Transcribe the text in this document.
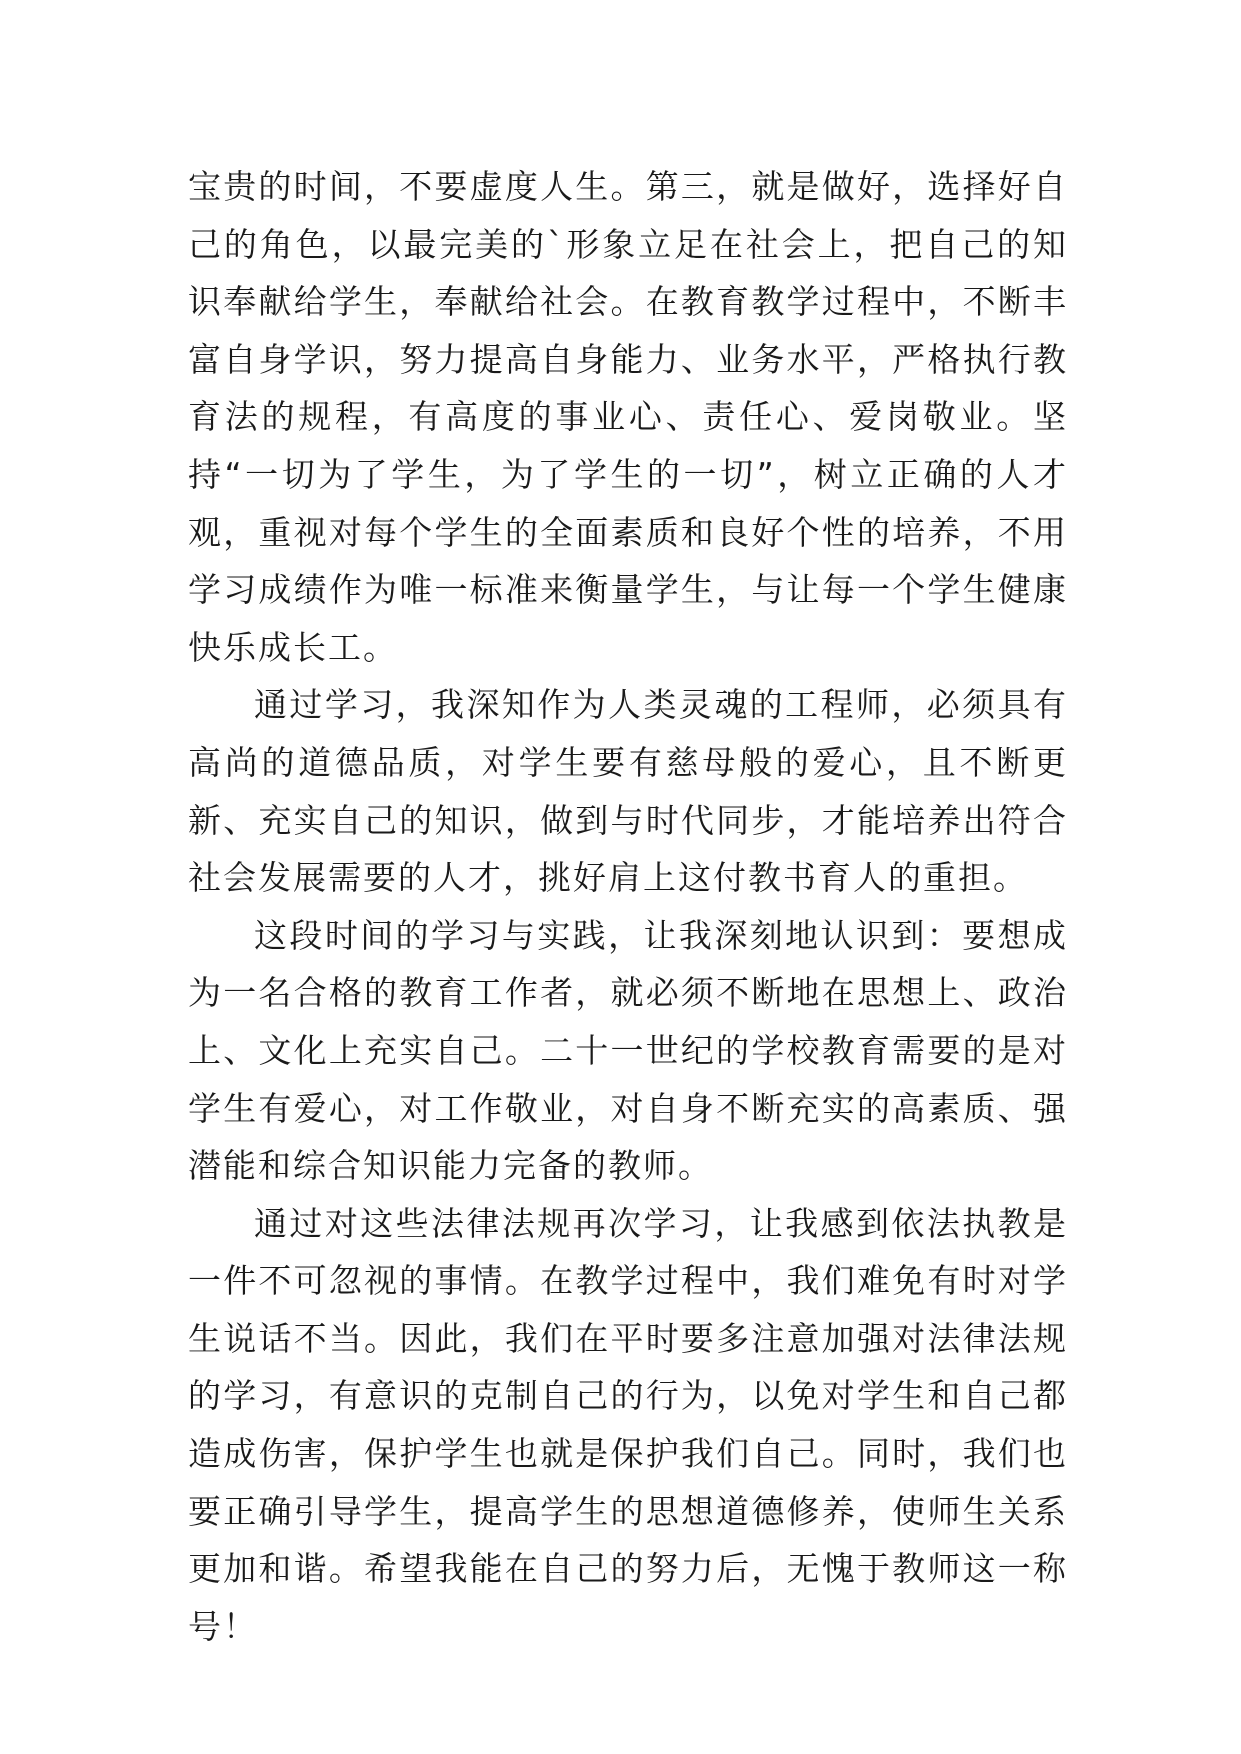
宝贵的时间，不要虚度人生。第三，就是做好，选择好自己的角色，以最完美的`形象立足在社会上，把自己的知识奉献给学生，奉献给社会。在教育教学过程中，不断丰富自身学识，努力提高自身能力、业务水平，严格执行教育法的规程，有高度的事业心、责任心、爱岗敬业。坚持“一切为了学生，为了学生的一切”，树立正确的人才观，重视对每个学生的全面素质和良好个性的培养，不用学习成绩作为唯一标准来衡量学生，与让每一个学生健康快乐成长工。

通过学习，我深知作为人类灵魂的工程师，必须具有高尚的道德品质，对学生要有慈母般的爱心，且不断更新、充实自己的知识，做到与时代同步，才能培养出符合社会发展需要的人才，挑好肩上这付教书育人的重担。

这段时间的学习与实践，让我深刻地认识到：要想成为一名合格的教育工作者，就必须不断地在思想上、政治上、文化上充实自己。二十一世纪的学校教育需要的是对学生有爱心，对工作敬业，对自身不断充实的高素质、强潜能和综合知识能力完备的教师。

通过对这些法律法规再次学习，让我感到依法执教是一件不可忽视的事情。在教学过程中，我们难免有时对学生说话不当。因此，我们在平时要多注意加强对法律法规的学习，有意识的克制自己的行为，以免对学生和自己都造成伤害，保护学生也就是保护我们自己。同时，我们也要正确引导学生，提高学生的思想道德修养，使师生关系更加和谐。希望我能在自己的努力后，无愧于教师这一称号！
